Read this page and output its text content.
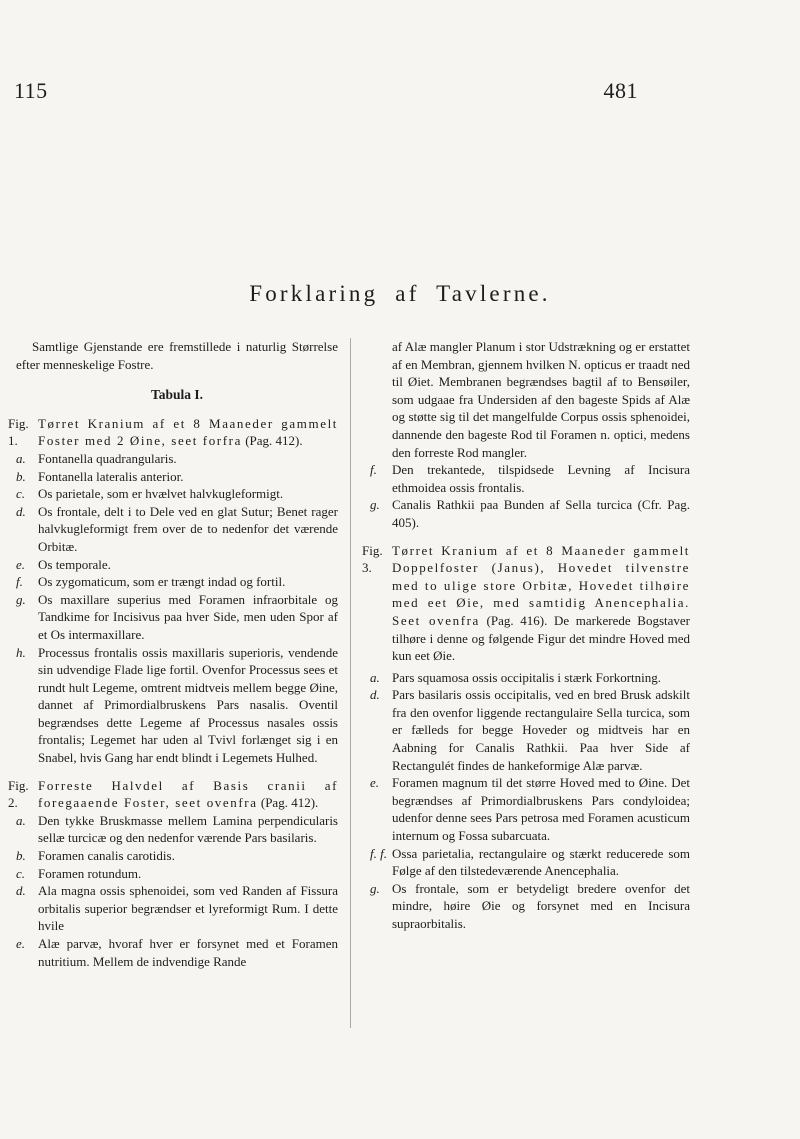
115	481
Forklaring af Tavlerne.

Samtlige Gjenstande ere fremstillede i naturlig Størrelse efter menneskelige Fostre.

Tabula I.
Fig. 1.
Tørret Kranium af et 8 Maaneder gammelt Foster med 2 Øine, seet forfra (Pag. 412).
a. Fontanella quadrangularis.
b. Fontanella lateralis anterior.
c. Os parietale, som er hvælvet halvkugleformigt.
d. Os frontale, delt i to Dele ved en glat Sutur; Benet rager halvkugleformigt frem over de to nedenfor det værende Orbitæ.
e. Os temporale.
f.	Os zygomaticum, som er trængt indad og fortil.
g. Os maxillare superius med Foramen infraorbitale og Tandkime for Incisivus paa hver Side, men uden Spor af et Os intermaxillare.
h. Processus frontalis ossis maxillaris superioris, vendende sin udvendige Flade lige fortil. Ovenfor Processus sees et rundt hult Legeme, omtrent midtveis mellem begge Øine, dannet af Primordialbruskens Pars nasalis. Oventil begrændses dette Legeme af Processus nasales ossis frontalis; Legemet har uden al Tvivl forlænget sig i en Snabel, hvis Gang har endt blindt i Legemets Hulhed.
Fig. 2.
Forreste Halvdel af Basis cranii af foregaaende Foster, seet ovenfra (Pag. 412).
a. Den tykke Bruskmasse mellem Lamina perpendicularis sellæ turcicæ og den nedenfor værende Pars basilaris.
b. Foramen canalis carotidis.
c. Foramen rotundum.
d. Ala magna ossis sphenoidei, som ved Randen af Fissura orbitalis superior begrændser et lyreformigt Rum. I dette hvile
e. Alæ parvæ, hvoraf hver er forsynet med et Foramen nutritium. Mellem de indvendige Rande
af Alæ mangler Planum i stor Udstrækning og er erstattet af en Membran, gjennem hvilken N. opticus er traadt ned til Øiet. Membranen begrændses bagtil af to Bensøiler, som udgaae fra Undersiden af den bageste Spids af Alæ og støtte sig til det mangelfulde Corpus ossis sphenoidei, dannende den bageste Rod til Foramen n. optici, medens den forreste Rod mangler.
f.	Den trekantede, tilspidsede Levning af Incisura ethmoidea ossis frontalis.
g. Canalis Rathkii paa Bunden af Sella turcica (Cfr. Pag. 405).
Fig. 3.
Tørret Kranium af et 8 Maaneder gammelt Doppelfoster (Janus), Hovedet tilvenstre med to ulige store Orbitæ, Hovedet tilhøire med eet Øie, med samtidig Anencephalia. Seet ovenfra (Pag. 416). De markerede Bogstaver tilhøre i denne og følgende Figur det mindre Hoved med kun eet Øie.
a. Pars squamosa ossis occipitalis i stærk Forkortning.
d. Pars basilaris ossis occipitalis, ved en bred Brusk adskilt fra den ovenfor liggende rectangulaire Sella turcica, som er fælleds for begge Hoveder og midtveis har en Aabning for Canalis Rathkii. Paa hver Side af Rectangulét findes de hankeformige Alæ parvæ.
e. Foramen magnum til det større Hoved med to Øine. Det begrændses af Primordialbruskens Pars condyloidea; udenfor denne sees Pars petrosa med Foramen acusticum internum og Fossa subarcuata.
f. f. Ossa parietalia, rectangulaire og stærkt reducerede som Følge af den tilstedeværende Anencephalia.
g. Os frontale, som er betydeligt bredere ovenfor det mindre, høire Øie og forsynet med en Incisura supraorbitalis.
